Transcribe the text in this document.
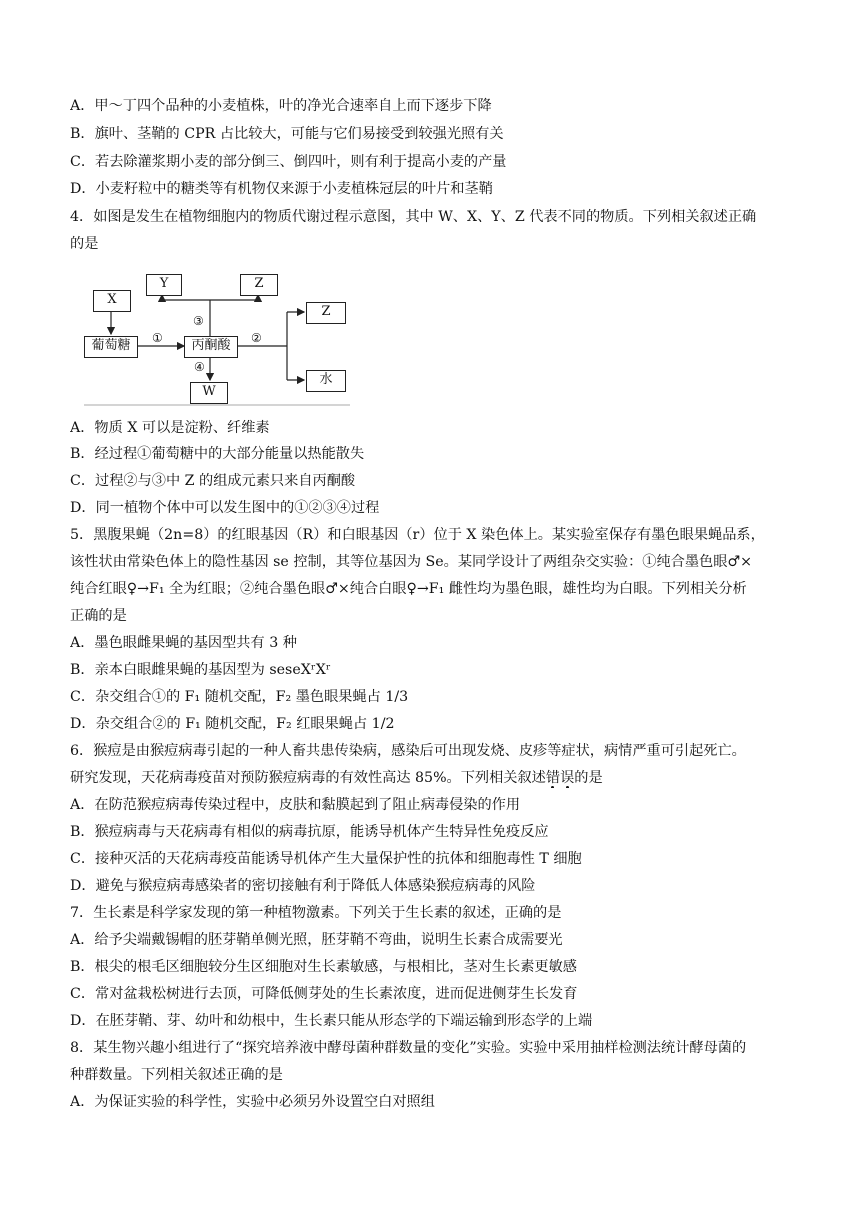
A．甲～丁四个品种的小麦植株，叶的净光合速率自上而下逐步下降
B．旗叶、茎鞘的 CPR 占比较大，可能与它们易接受到较强光照有关
C．若去除灌浆期小麦的部分倒三、倒四叶，则有利于提高小麦的产量
D．小麦籽粒中的糖类等有机物仅来源于小麦植株冠层的叶片和茎鞘
4．如图是发生在植物细胞内的物质代谢过程示意图，其中 W、X、Y、Z 代表不同的物质。下列相关叙述正确
的是
X
葡萄糖	丙酮酸
Y	Z
Z
水
W
①	②
③
④
A．物质 X 可以是淀粉、纤维素
B．经过程①葡萄糖中的大部分能量以热能散失
C．过程②与③中 Z 的组成元素只来自丙酮酸
D．同一植物个体中可以发生图中的①②③④过程
5．黑腹果蝇（2n=8）的红眼基因（R）和白眼基因（r）位于 X 染色体上。某实验室保存有墨色眼果蝇品系，
该性状由常染色体上的隐性基因 se 控制，其等位基因为 Se。某同学设计了两组杂交实验：①纯合墨色眼♂×
纯合红眼♀→F₁ 全为红眼；②纯合墨色眼♂×纯合白眼♀→F₁ 雌性均为墨色眼，雄性均为白眼。下列相关分析
正确的是
A．墨色眼雌果蝇的基因型共有 3 种
B．亲本白眼雌果蝇的基因型为 seseXʳXʳ
C．杂交组合①的 F₁ 随机交配，F₂ 墨色眼果蝇占 1/3
D．杂交组合②的 F₁ 随机交配，F₂ 红眼果蝇占 1/2
6．猴痘是由猴痘病毒引起的一种人畜共患传染病，感染后可出现发烧、皮疹等症状，病情严重可引起死亡。
研究发现，天花病毒疫苗对预防猴痘病毒的有效性高达 85%。下列相关叙述错误的是
A．在防范猴痘病毒传染过程中，皮肤和黏膜起到了阻止病毒侵染的作用
B．猴痘病毒与天花病毒有相似的病毒抗原，能诱导机体产生特异性免疫反应
C．接种灭活的天花病毒疫苗能诱导机体产生大量保护性的抗体和细胞毒性 T 细胞
D．避免与猴痘病毒感染者的密切接触有利于降低人体感染猴痘病毒的风险
7．生长素是科学家发现的第一种植物激素。下列关于生长素的叙述，正确的是
A．给予尖端戴锡帽的胚芽鞘单侧光照，胚芽鞘不弯曲，说明生长素合成需要光
B．根尖的根毛区细胞较分生区细胞对生长素敏感，与根相比，茎对生长素更敏感
C．常对盆栽松树进行去顶，可降低侧芽处的生长素浓度，进而促进侧芽生长发育
D．在胚芽鞘、芽、幼叶和幼根中，生长素只能从形态学的下端运输到形态学的上端
8．某生物兴趣小组进行了“探究培养液中酵母菌种群数量的变化”实验。实验中采用抽样检测法统计酵母菌的
种群数量。下列相关叙述正确的是
A．为保证实验的科学性，实验中必须另外设置空白对照组
